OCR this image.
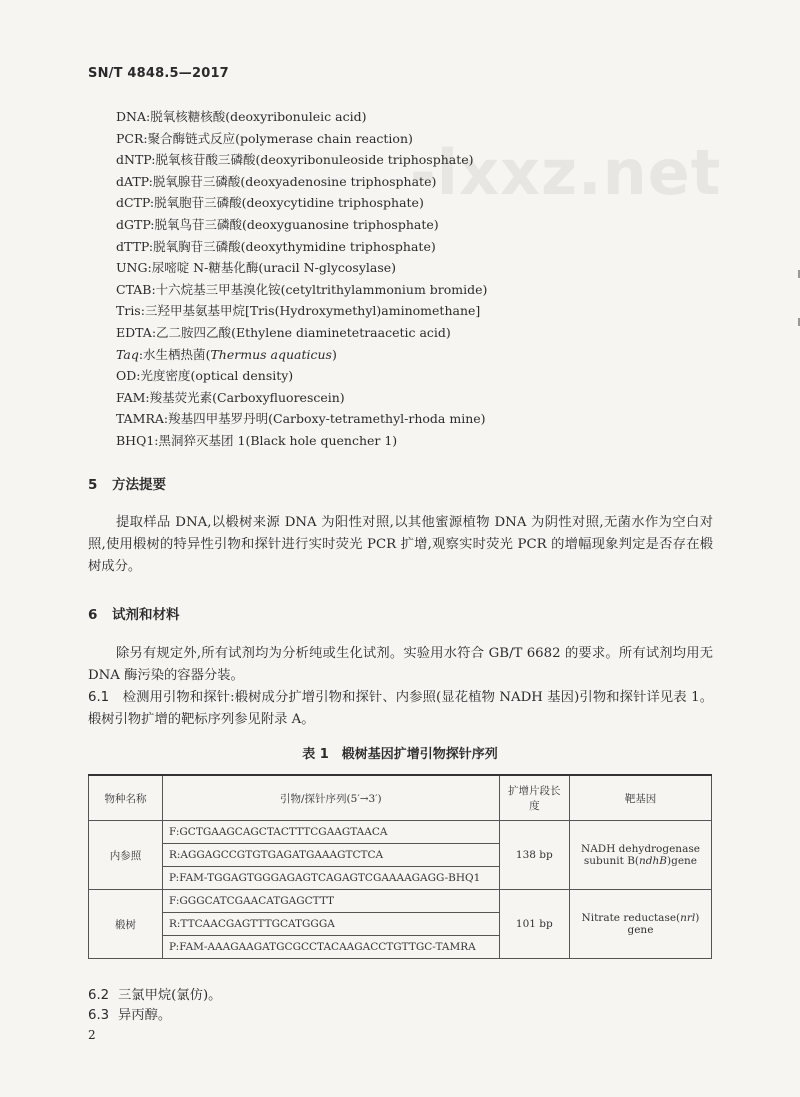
SN/T 4848.5—2017
-lxxz.net
DNA:脱氧核糖核酸(deoxyribonuleic acid)
PCR:聚合酶链式反应(polymerase chain reaction)
dNTP:脱氧核苷酸三磷酸(deoxyribonuleoside triphosphate)
dATP:脱氧腺苷三磷酸(deoxyadenosine triphosphate)
dCTP:脱氧胞苷三磷酸(deoxycytidine triphosphate)
dGTP:脱氧鸟苷三磷酸(deoxyguanosine triphosphate)
dTTP:脱氧胸苷三磷酸(deoxythymidine triphosphate)
UNG:尿嘧啶 N-糖基化酶(uracil N-glycosylase)
CTAB:十六烷基三甲基溴化铵(cetyltrithylammonium bromide)
Tris:三羟甲基氨基甲烷[Tris(Hydroxymethyl)aminomethane]
EDTA:乙二胺四乙酸(Ethylene diaminetetraacetic acid)
Taq:水生栖热菌(Thermus aquaticus)
OD:光度密度(optical density)
FAM:羧基荧光素(Carboxyfluorescein)
TAMRA:羧基四甲基罗丹明(Carboxy-tetramethyl-rhoda mine)
BHQ1:黑洞猝灭基团 1(Black hole quencher 1)
5 方法提要
提取样品 DNA,以椴树来源 DNA 为阳性对照,以其他蜜源植物 DNA 为阴性对照,无菌水作为空白对照,使用椴树的特异性引物和探针进行实时荧光 PCR 扩增,观察实时荧光 PCR 的增幅现象判定是否存在椴树成分。
6 试剂和材料
除另有规定外,所有试剂均为分析纯或生化试剂。实验用水符合 GB/T 6682 的要求。所有试剂均用无 DNA 酶污染的容器分装。
6.1　 检测用引物和探针:椴树成分扩增引物和探针、内参照(显花植物 NADH 基因)引物和探针详见表 1。椴树引物扩增的靶标序列参见附录 A。
表 1　椴树基因扩增引物探针序列
物种名称	引物/探针序列(5′→3′)	扩增片段长度	靶基因
内参照	F:GCTGAAGCAGCTACTTTCGAAGTAACA	138 bp	NADH dehydrogenase subunit B(ndhB)gene
	R:AGGAGCCGTGTGAGATGAAAGTCTCA		
	P:FAM-TGGAGTGGGAGAGTCAGAGTCGAAAAGAGG-BHQ1		
椴树	F:GGGCATCGAACATGAGCTTT	101 bp	Nitrate reductase(nrl) gene
	R:TTCAACGAGTTTGCATGGGA		
	P:FAM-AAAGAAGATGCGCCTACAAGACCTGTTGC-TAMRA		
6.2 三氯甲烷(氯仿)。
6.3 异丙醇。
2
